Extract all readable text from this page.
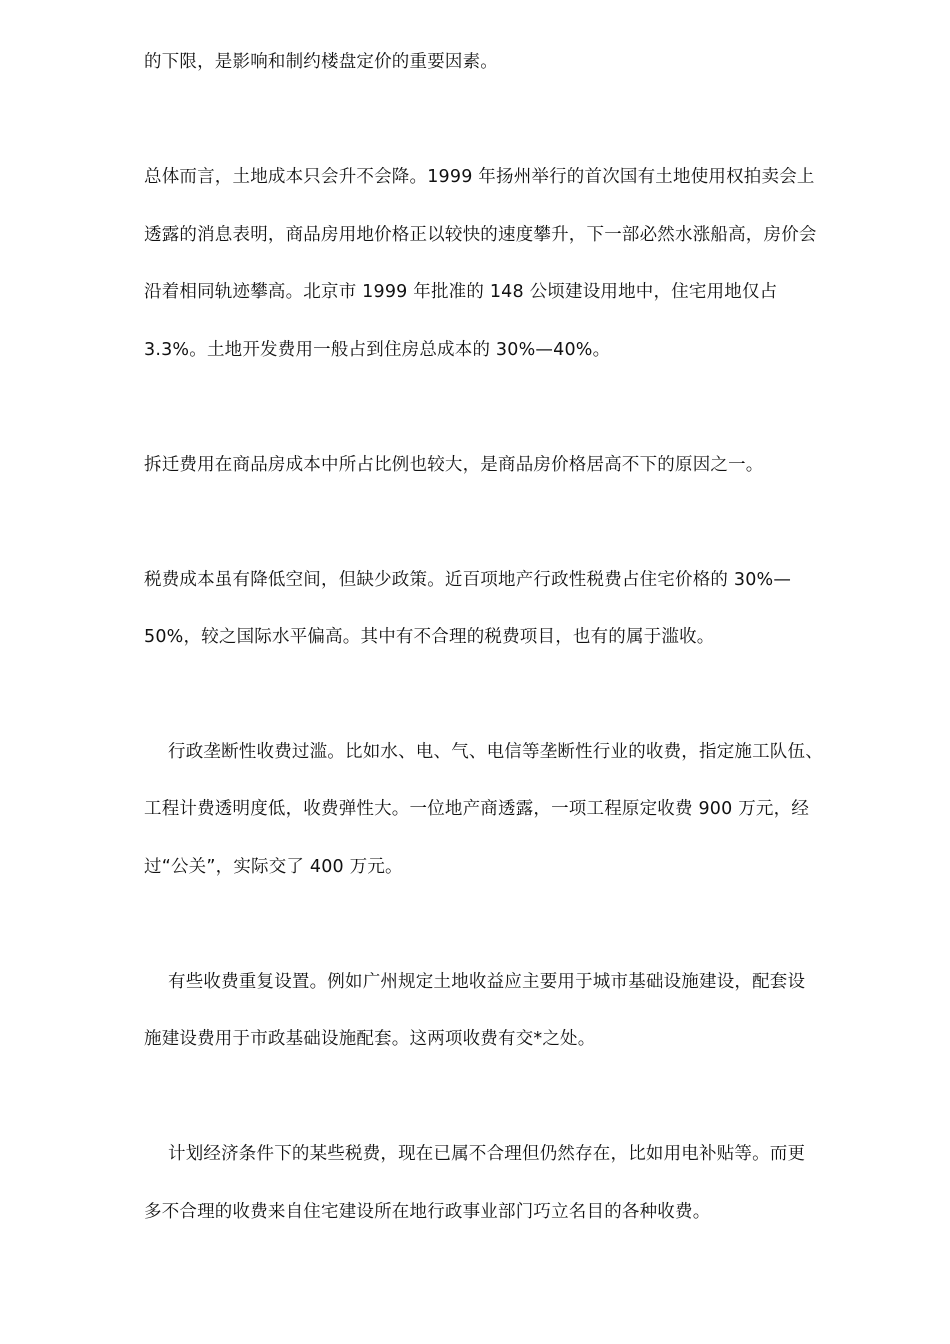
的下限，是影响和制约楼盘定价的重要因素。
总体而言，土地成本只会升不会降。1999 年扬州举行的首次国有土地使用权拍卖会上
透露的消息表明，商品房用地价格正以较快的速度攀升，下一部必然水涨船高，房价会
沿着相同轨迹攀高。北京市 1999 年批准的 148 公顷建设用地中，住宅用地仅占
3.3%。土地开发费用一般占到住房总成本的 30%—40%。
拆迁费用在商品房成本中所占比例也较大，是商品房价格居高不下的原因之一。
税费成本虽有降低空间，但缺少政策。近百项地产行政性税费占住宅价格的 30%—
50%，较之国际水平偏高。其中有不合理的税费项目，也有的属于滥收。
行政垄断性收费过滥。比如水、电、气、电信等垄断性行业的收费，指定施工队伍、
工程计费透明度低，收费弹性大。一位地产商透露，一项工程原定收费 900 万元，经
过“公关”，实际交了 400 万元。
有些收费重复设置。例如广州规定土地收益应主要用于城市基础设施建设，配套设
施建设费用于市政基础设施配套。这两项收费有交*之处。
计划经济条件下的某些税费，现在已属不合理但仍然存在，比如用电补贴等。而更
多不合理的收费来自住宅建设所在地行政事业部门巧立名目的各种收费。
